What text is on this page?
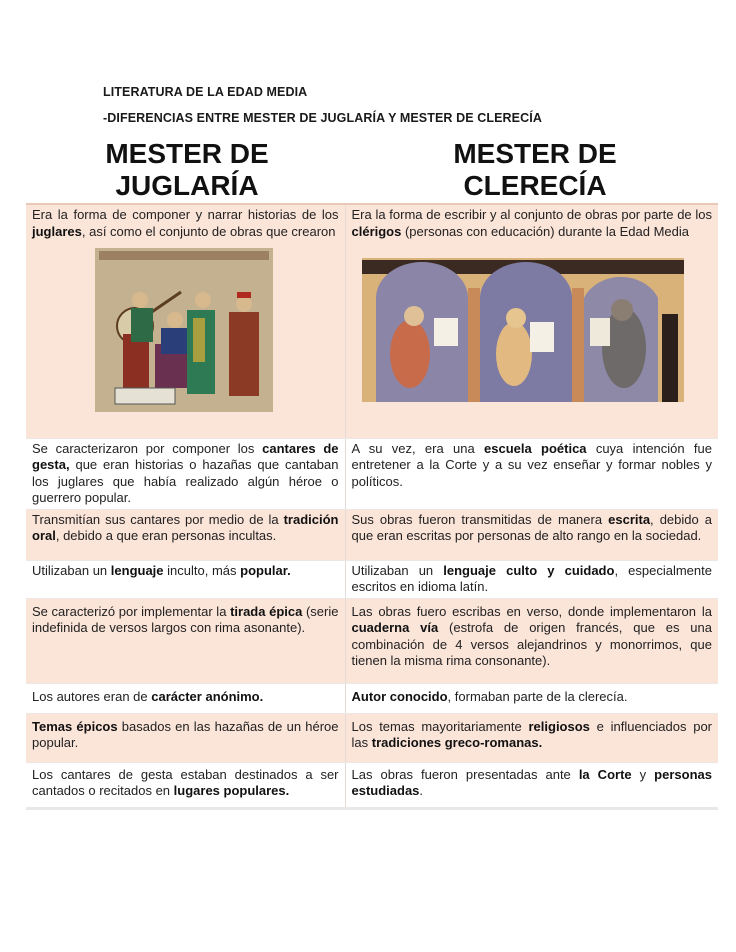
LITERATURA DE LA EDAD MEDIA
-DIFERENCIAS ENTRE MESTER DE JUGLARÍA Y MESTER DE CLERECÍA
MESTER DE
JUGLARÍA
MESTER DE
CLERECÍA
Era la forma de componer y narrar historias de los juglares, así como el conjunto de obras que crearon	Era la forma de escribir y al conjunto de obras por parte de los clérigos (personas con educación) durante la Edad Media

Se caracterizaron por componer los cantares de gesta, que eran historias o hazañas que cantaban los juglares que había realizado algún héroe o guerrero popular.	A su vez, era una escuela poética cuya intención fue entretener a la Corte y a su vez enseñar y formar nobles y políticos.
Transmitían sus cantares por medio de la tradición oral, debido a que eran personas incultas.	Sus obras fueron transmitidas de manera escrita, debido a que eran escritas por personas de alto rango en la sociedad.
Utilizaban un lenguaje inculto, más popular.	Utilizaban un lenguaje culto y cuidado, especialmente escritos en idioma latín.
Se caracterizó por implementar la tirada épica (serie indefinida de versos largos con rima asonante).	Las obras fuero escribas en verso, donde implementaron la cuaderna vía (estrofa de origen francés, que es una combinación de 4 versos alejandrinos y monorrimos, que tienen la misma rima consonante).
Los autores eran de carácter anónimo.	Autor conocido, formaban parte de la clerecía.
Temas épicos basados en las hazañas de un héroe popular.	Los temas mayoritariamente religiosos e influenciados por las tradiciones greco-romanas.
Los cantares de gesta estaban destinados a ser cantados o recitados en lugares populares.	Las obras fueron presentadas ante la Corte y personas estudiadas.
